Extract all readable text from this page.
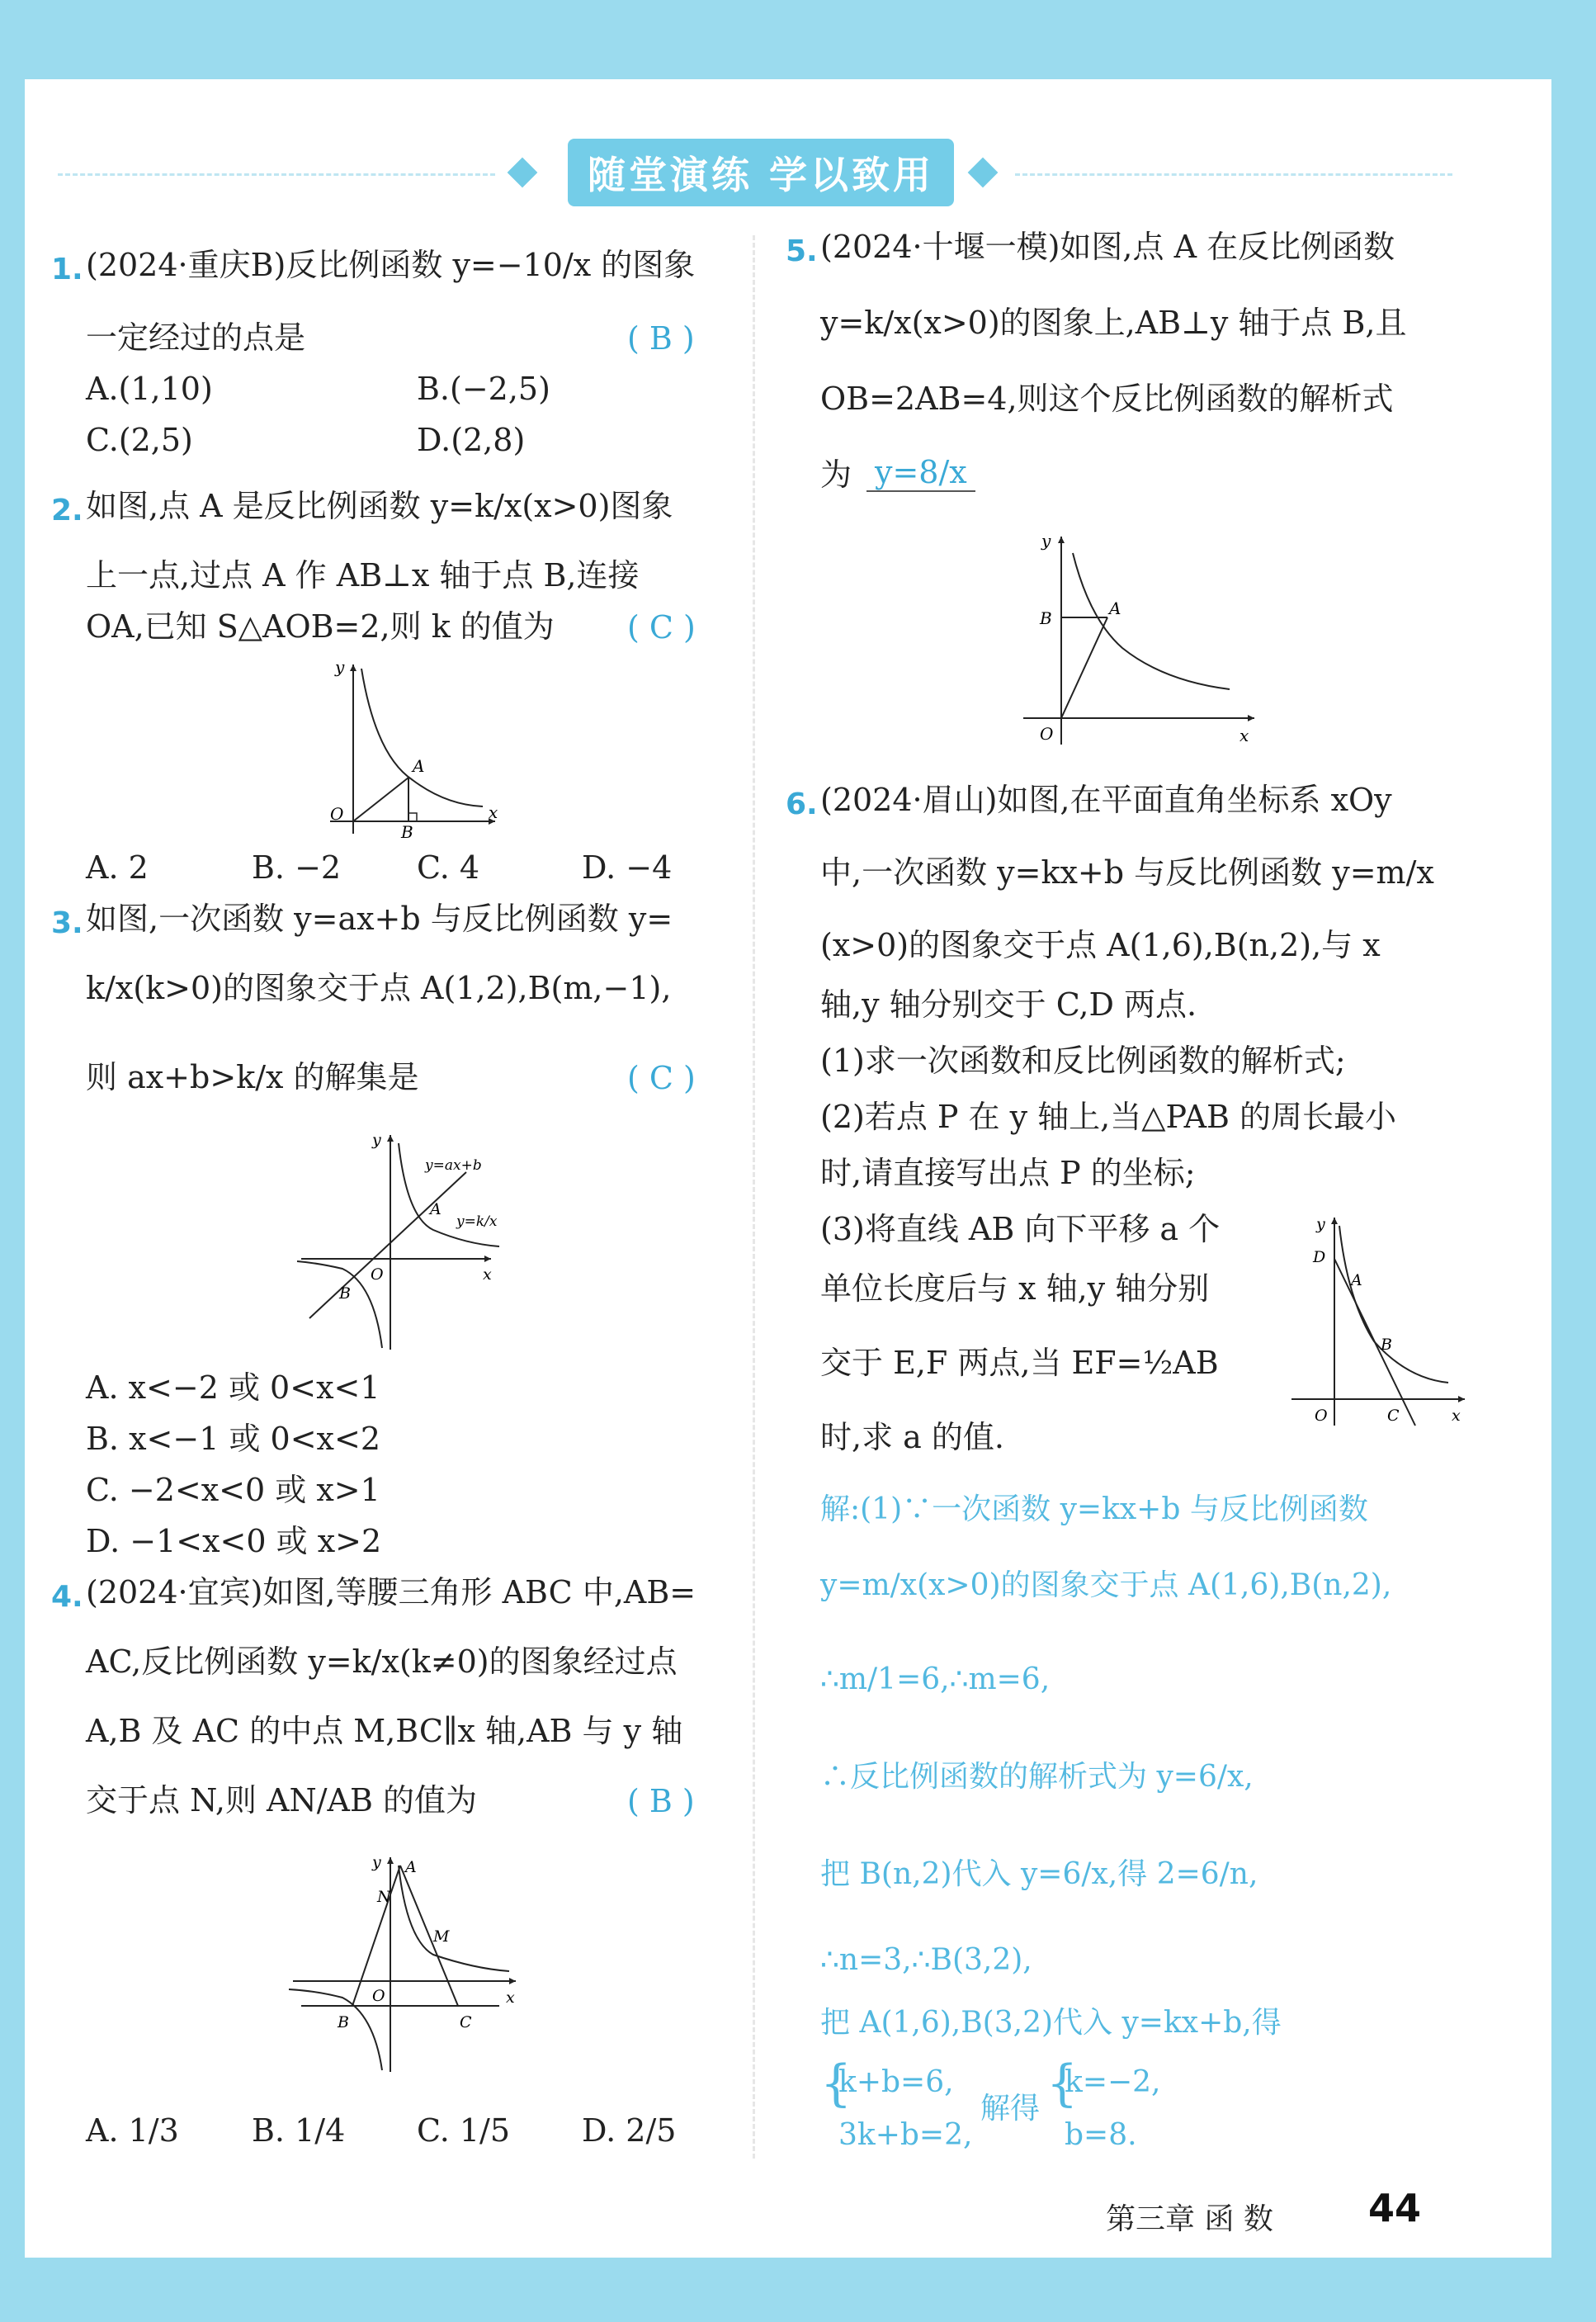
随堂演练 学以致用
1. (2024·重庆B)反比例函数 y=−10/x 的图象
一定经过的点是	( B )
A.(1,10)	B.(−2,5)
C.(2,5)	D.(2,8)
2. 如图,点 A 是反比例函数 y=k/x(x>0)图象
上一点,过点 A 作 AB⊥x 轴于点 B,连接
OA,已知 S△AOB=2,则 k 的值为 ( C )
y
x
O
A
B
A. 2	B. −2 C. 4	D. −4
3. 如图,一次函数 y=ax+b 与反比例函数 y=
k/x(k>0)的图象交于点 A(1,2),B(m,−1),
则 ax+b>k/x 的解集是	( C )
y
x
O
A
B
y=ax+b
y=k/x
A. x<−2 或 0<x<1
B. x<−1 或 0<x<2
C. −2<x<0 或 x>1
D. −1<x<0 或 x>2
4. (2024·宜宾)如图,等腰三角形 ABC 中,AB=
AC,反比例函数 y=k/x(k≠0)的图象经过点
A,B 及 AC 的中点 M,BC∥x 轴,AB 与 y 轴
交于点 N,则 AN/AB 的值为	( B )
y
x
O
A
B	C
M
N
A. 1/3 B. 1/4 C. 1/5 D. 2/5
5. (2024·十堰一模)如图,点 A 在反比例函数
y=k/x(x>0)的图象上,AB⊥y 轴于点 B,且
OB=2AB=4,则这个反比例函数的解析式
为 y=8/x
y
x
O
A
B
6. (2024·眉山)如图,在平面直角坐标系 xOy
中,一次函数 y=kx+b 与反比例函数 y=m/x
(x>0)的图象交于点 A(1,6),B(n,2),与 x
轴,y 轴分别交于 C,D 两点.
(1)求一次函数和反比例函数的解析式;
(2)若点 P 在 y 轴上,当△PAB 的周长最小
时,请直接写出点 P 的坐标;
(3)将直线 AB 向下平移 a 个
单位长度后与 x 轴,y 轴分别
交于 E,F 两点,当 EF=½AB
时,求 a 的值.
y
x
O
A
B
C
D
解:(1)∵一次函数 y=kx+b 与反比例函数
y=m/x(x>0)的图象交于点 A(1,6),B(n,2),
∴m/1=6,∴m=6,
∴反比例函数的解析式为 y=6/x,
把 B(n,2)代入 y=6/x,得 2=6/n,
∴n=3,∴B(3,2),
把 A(1,6),B(3,2)代入 y=kx+b,得
{
k+b=6,
3k+b=2,
解得 {
k=−2,
b=8.
第三章 函 数	44
